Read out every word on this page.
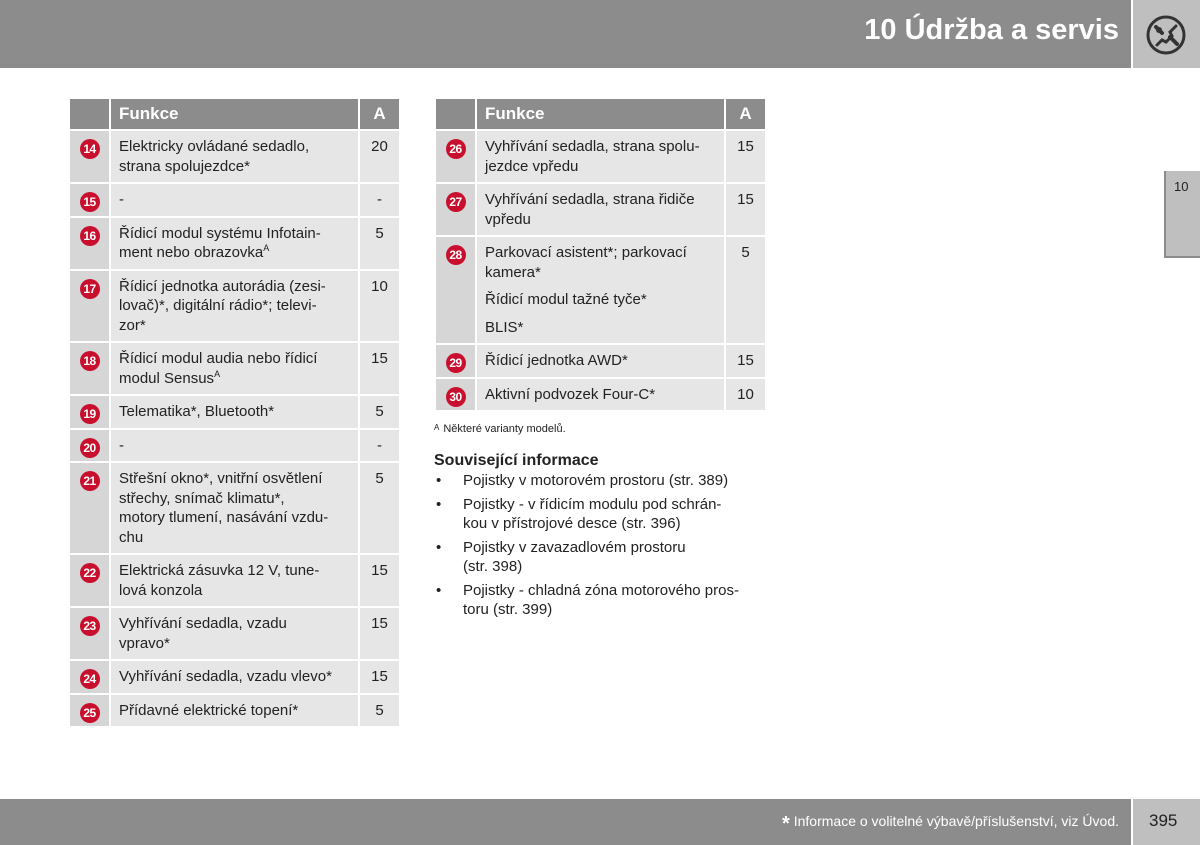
10 Údržba a servis
10
	Funkce	A
14	Elektricky ovládané sedadlo,
strana spolujezdce*	20
15	-	-
16	Řídicí modul systému Infotain-
ment nebo obrazovka$^A$	5
17	Řídicí jednotka autorádia (zesi-
lovač)*, digitální rádio*; televi-
zor*	10
18	Řídicí modul audia nebo řídicí
modul Sensus$^A$	15
19	Telematika*, Bluetooth*	5
20	-	-
21	Střešní okno*, vnitřní osvětlení
střechy, snímač klimatu*,
motory tlumení, nasávání vzdu-
chu	5
22	Elektrická zásuvka 12 V, tune-
lová konzola	15
23	Vyhřívání sedadla, vzadu
vpravo*	15
24	Vyhřívání sedadla, vzadu vlevo*	15
25	Přídavné elektrické topení*	5
	Funkce	A
26	Vyhřívání sedadla, strana spolu-
jezdce vpředu	15
27	Vyhřívání sedadla, strana řidiče
vpředu	15
28	Parkovací asistent*; parkovací
kamera*
Řídicí modul tažné tyče*
BLIS*	5
29	Řídicí jednotka AWD*	15
30	Aktivní podvozek Four-C*	10
$^A$ Některé varianty modelů.
Související informace
• Pojistky v motorovém prostoru (str. 389)
• Pojistky - v řídicím modulu pod schrán-
kou v přístrojové desce (str. 396)
• Pojistky v zavazadlovém prostoru
(str. 398)
• Pojistky - chladná zóna motorového pros-
toru (str. 399)
* Informace o volitelné výbavě/příslušenství, viz Úvod. 395
